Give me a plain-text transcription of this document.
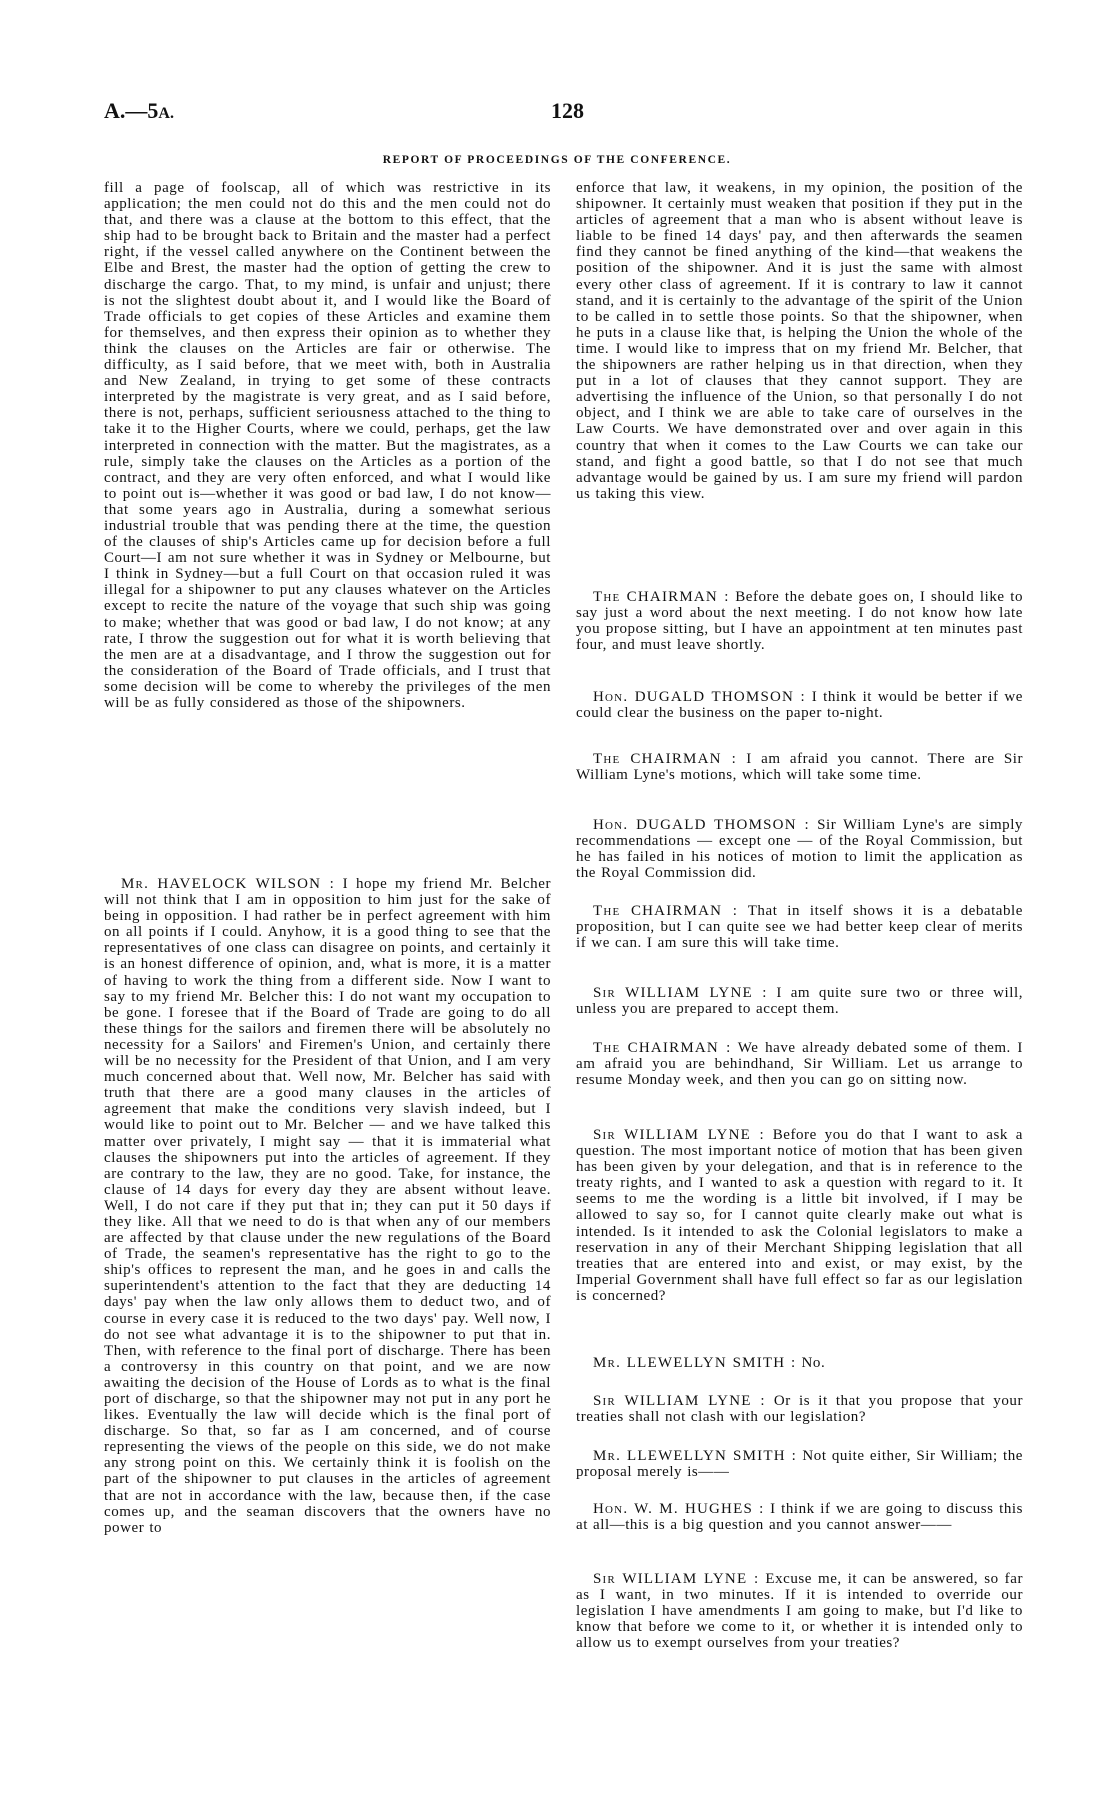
A.—5A.	128
REPORT OF PROCEEDINGS OF THE CONFERENCE.

fill a page of foolscap, all of which was restrictive in its application; the men could not do this and the men could not do that, and there was a clause at the bottom to this effect, that the ship had to be brought back to Britain and the master had a perfect right, if the vessel called anywhere on the Continent between the Elbe and Brest, the master had the option of getting the crew to discharge the cargo. That, to my mind, is unfair and unjust; there is not the slightest doubt about it, and I would like the Board of Trade officials to get copies of these Articles and examine them for themselves, and then express their opinion as to whether they think the clauses on the Articles are fair or otherwise. The difficulty, as I said before, that we meet with, both in Australia and New Zealand, in trying to get some of these contracts interpreted by the magistrate is very great, and as I said before, there is not, perhaps, sufficient seriousness attached to the thing to take it to the Higher Courts, where we could, perhaps, get the law interpreted in connection with the matter. But the magistrates, as a rule, simply take the clauses on the Articles as a portion of the contract, and they are very often enforced, and what I would like to point out is—whether it was good or bad law, I do not know—that some years ago in Australia, during a somewhat serious industrial trouble that was pending there at the time, the question of the clauses of ship's Articles came up for decision before a full Court—I am not sure whether it was in Sydney or Melbourne, but I think in Sydney—but a full Court on that occasion ruled it was illegal for a shipowner to put any clauses whatever on the Articles except to recite the nature of the voyage that such ship was going to make; whether that was good or bad law, I do not know; at any rate, I throw the suggestion out for what it is worth believing that the men are at a disadvantage, and I throw the suggestion out for the consideration of the Board of Trade officials, and I trust that some decision will be come to whereby the privileges of the men will be as fully considered as those of the shipowners.

Mr. HAVELOCK WILSON : I hope my friend Mr. Belcher will not think that I am in opposition to him just for the sake of being in opposition. I had rather be in perfect agreement with him on all points if I could. Anyhow, it is a good thing to see that the representatives of one class can disagree on points, and certainly it is an honest difference of opinion, and, what is more, it is a matter of having to work the thing from a different side. Now I want to say to my friend Mr. Belcher this: I do not want my occupation to be gone. I foresee that if the Board of Trade are going to do all these things for the sailors and firemen there will be absolutely no necessity for a Sailors' and Firemen's Union, and certainly there will be no necessity for the President of that Union, and I am very much concerned about that. Well now, Mr. Belcher has said with truth that there are a good many clauses in the articles of agreement that make the conditions very slavish indeed, but I would like to point out to Mr. Belcher — and we have talked this matter over privately, I might say — that it is immaterial what clauses the shipowners put into the articles of agreement. If they are contrary to the law, they are no good. Take, for instance, the clause of 14 days for every day they are absent without leave. Well, I do not care if they put that in; they can put it 50 days if they like. All that we need to do is that when any of our members are affected by that clause under the new regulations of the Board of Trade, the seamen's representative has the right to go to the ship's offices to represent the man, and he goes in and calls the superintendent's attention to the fact that they are deducting 14 days' pay when the law only allows them to deduct two, and of course in every case it is reduced to the two days' pay. Well now, I do not see what advantage it is to the shipowner to put that in. Then, with reference to the final port of discharge. There has been a controversy in this country on that point, and we are now awaiting the decision of the House of Lords as to what is the final port of discharge, so that the shipowner may not put in any port he likes. Eventually the law will decide which is the final port of discharge. So that, so far as I am concerned, and of course representing the views of the people on this side, we do not make any strong point on this. We certainly think it is foolish on the part of the shipowner to put clauses in the articles of agreement that are not in accordance with the law, because then, if the case comes up, and the seaman discovers that the owners have no power to

enforce that law, it weakens, in my opinion, the position of the shipowner. It certainly must weaken that position if they put in the articles of agreement that a man who is absent without leave is liable to be fined 14 days' pay, and then afterwards the seamen find they cannot be fined anything of the kind—that weakens the position of the shipowner. And it is just the same with almost every other class of agreement. If it is contrary to law it cannot stand, and it is certainly to the advantage of the spirit of the Union to be called in to settle those points. So that the shipowner, when he puts in a clause like that, is helping the Union the whole of the time. I would like to impress that on my friend Mr. Belcher, that the shipowners are rather helping us in that direction, when they put in a lot of clauses that they cannot support. They are advertising the influence of the Union, so that personally I do not object, and I think we are able to take care of ourselves in the Law Courts. We have demonstrated over and over again in this country that when it comes to the Law Courts we can take our stand, and fight a good battle, so that I do not see that much advantage would be gained by us. I am sure my friend will pardon us taking this view.

The CHAIRMAN : Before the debate goes on, I should like to say just a word about the next meeting. I do not know how late you propose sitting, but I have an appointment at ten minutes past four, and must leave shortly.

Hon. DUGALD THOMSON : I think it would be better if we could clear the business on the paper to-night.

The CHAIRMAN : I am afraid you cannot. There are Sir William Lyne's motions, which will take some time.

Hon. DUGALD THOMSON : Sir William Lyne's are simply recommendations — except one — of the Royal Commission, but he has failed in his notices of motion to limit the application as the Royal Commission did.

The CHAIRMAN : That in itself shows it is a debatable proposition, but I can quite see we had better keep clear of merits if we can. I am sure this will take time.

Sir WILLIAM LYNE : I am quite sure two or three will, unless you are prepared to accept them.

The CHAIRMAN : We have already debated some of them. I am afraid you are behindhand, Sir William. Let us arrange to resume Monday week, and then you can go on sitting now.

Sir WILLIAM LYNE : Before you do that I want to ask a question. The most important notice of motion that has been given has been given by your delegation, and that is in reference to the treaty rights, and I wanted to ask a question with regard to it. It seems to me the wording is a little bit involved, if I may be allowed to say so, for I cannot quite clearly make out what is intended. Is it intended to ask the Colonial legislators to make a reservation in any of their Merchant Shipping legislation that all treaties that are entered into and exist, or may exist, by the Imperial Government shall have full effect so far as our legislation is concerned?

Mr. LLEWELLYN SMITH : No.

Sir WILLIAM LYNE : Or is it that you propose that your treaties shall not clash with our legislation?

Mr. LLEWELLYN SMITH : Not quite either, Sir William; the proposal merely is——

Hon. W. M. HUGHES : I think if we are going to discuss this at all—this is a big question and you cannot answer——

Sir WILLIAM LYNE : Excuse me, it can be answered, so far as I want, in two minutes. If it is intended to override our legislation I have amendments I am going to make, but I'd like to know that before we come to it, or whether it is intended only to allow us to exempt ourselves from your treaties?
